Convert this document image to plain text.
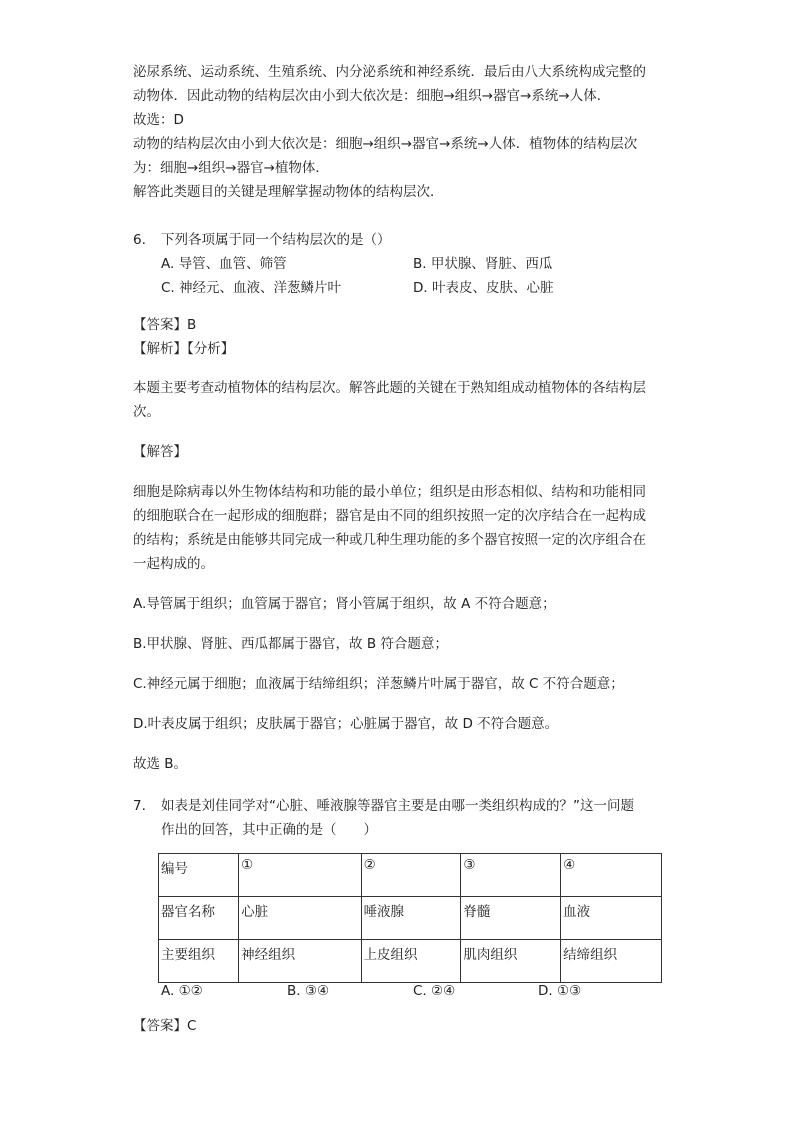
泌尿系统、运动系统、生殖系统、内分泌系统和神经系统．最后由八大系统构成完整的
动物体．因此动物的结构层次由小到大依次是：细胞→组织→器官→系统→人体．
故选：D
动物的结构层次由小到大依次是：细胞→组织→器官→系统→人体．植物体的结构层次
为：细胞→组织→器官→植物体．
解答此类题目的关键是理解掌握动物体的结构层次．
6. 下列各项属于同一个结构层次的是（）
A. 导管、血管、筛管	B. 甲状腺、肾脏、西瓜
C. 神经元、血液、洋葱鳞片叶	D. 叶表皮、皮肤、心脏
【答案】B
【解析】【分析】
本题主要考查动植物体的结构层次。解答此题的关键在于熟知组成动植物体的各结构层
次。
【解答】
细胞是除病毒以外生物体结构和功能的最小单位；组织是由形态相似、结构和功能相同
的细胞联合在一起形成的细胞群；器官是由不同的组织按照一定的次序结合在一起构成
的结构；系统是由能够共同完成一种或几种生理功能的多个器官按照一定的次序组合在
一起构成的。
A.导管属于组织；血管属于器官；肾小管属于组织，故 A 不符合题意；
B.甲状腺、肾脏、西瓜都属于器官，故 B 符合题意；
C.神经元属于细胞；血液属于结缔组织；洋葱鳞片叶属于器官，故 C 不符合题意；
D.叶表皮属于组织；皮肤属于器官；心脏属于器官，故 D 不符合题意。
故选 B。
7. 如表是刘佳同学对“心脏、唾液腺等器官主要是由哪一类组织构成的？”这一问题
作出的回答，其中正确的是（　　）
编号	①	②	③	④
器官名称	心脏	唾液腺	脊髓	血液
主要组织	神经组织	上皮组织	肌肉组织	结缔组织
A. ①②	B. ③④	C. ②④	D. ①③
【答案】C
